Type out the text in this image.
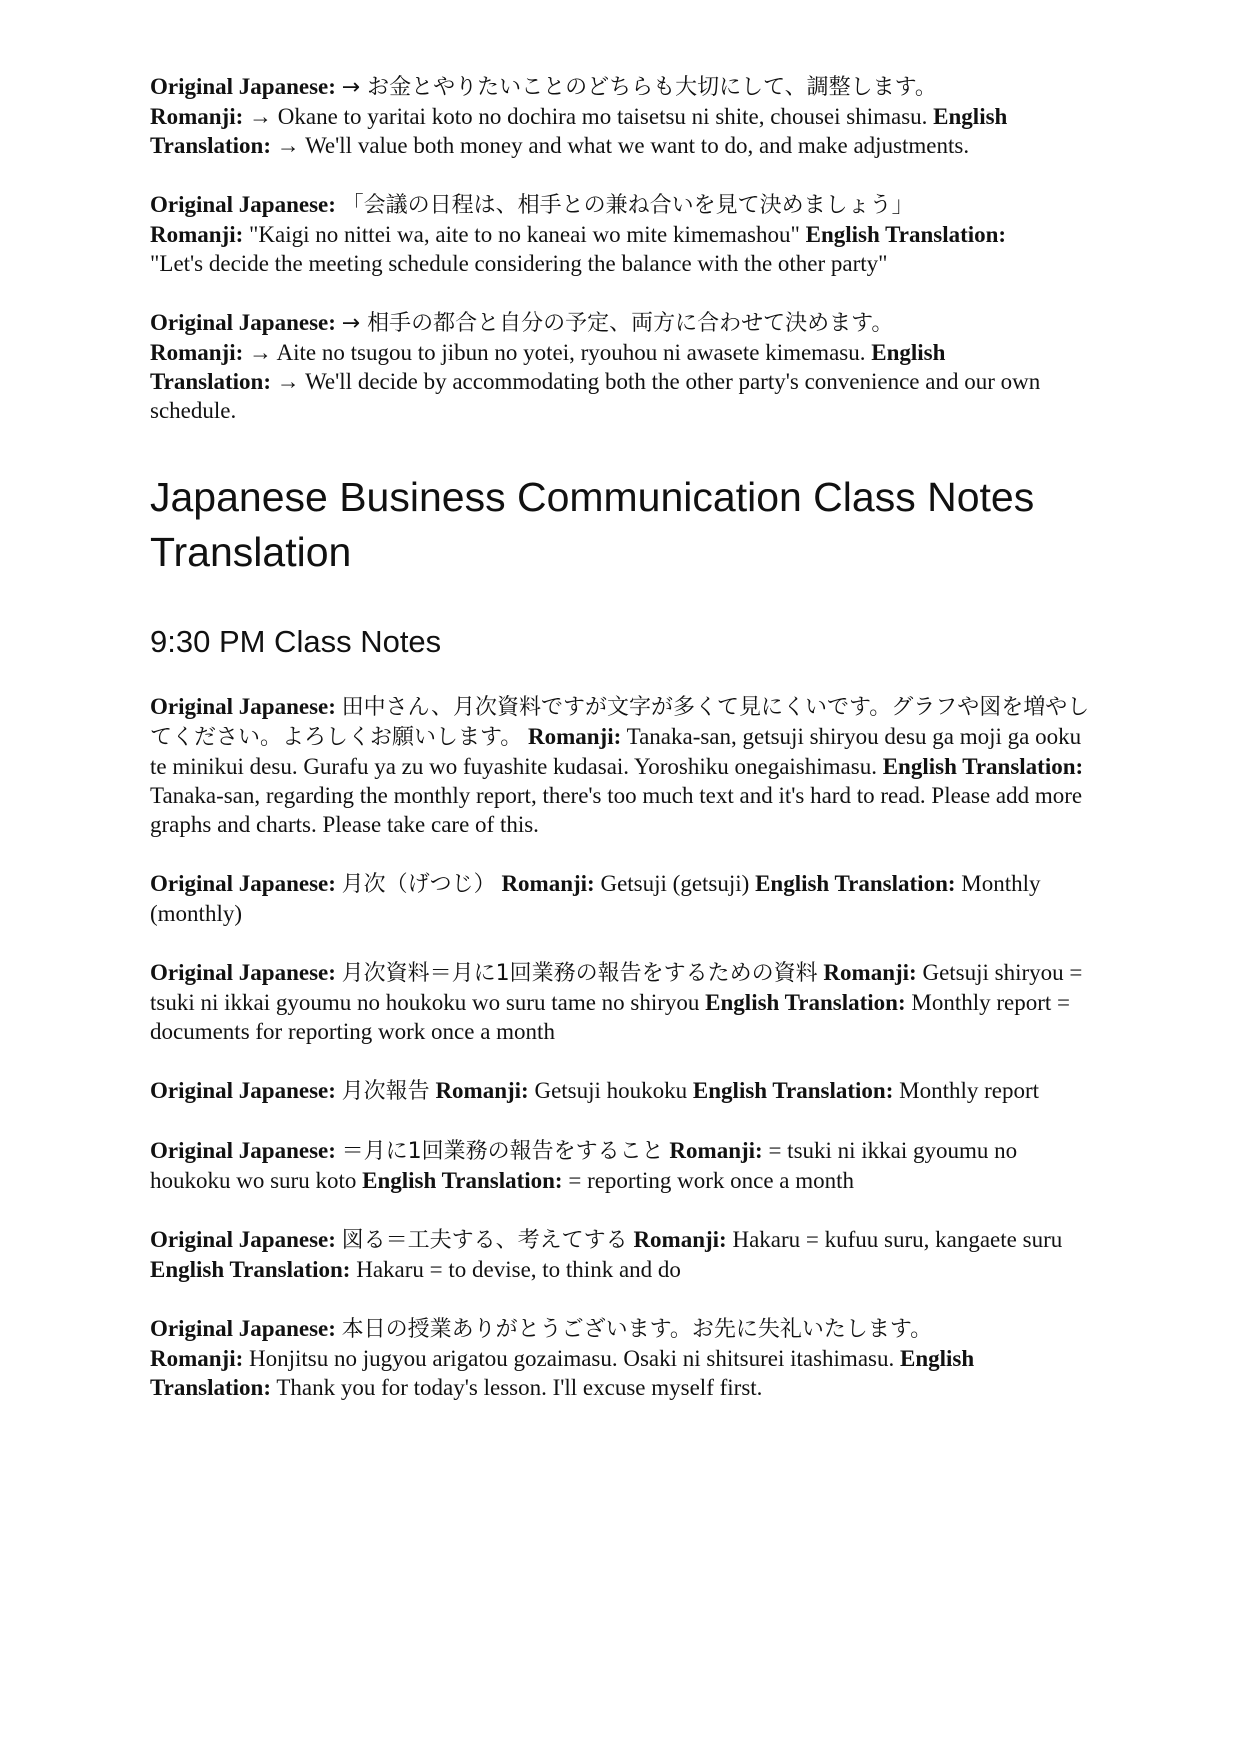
Original Japanese: → お金とやりたいことのどちらも大切にして、調整します。
Romanji: → Okane to yaritai koto no dochira mo taisetsu ni shite, chousei shimasu. English
Translation: → We'll value both money and what we want to do, and make adjustments.

Original Japanese: 「会議の日程は、相手との兼ね合いを見て決めましょう」
Romanji: "Kaigi no nittei wa, aite to no kaneai wo mite kimemashou" English Translation:
"Let's decide the meeting schedule considering the balance with the other party"

Original Japanese: → 相手の都合と自分の予定、両方に合わせて決めます。
Romanji: → Aite no tsugou to jibun no yotei, ryouhou ni awasete kimemasu. English
Translation: → We'll decide by accommodating both the other party's convenience and our own schedule.

Japanese Business Communication Class Notes Translation
9:30 PM Class Notes

Original Japanese: 田中さん、月次資料ですが文字が多くて見にくいです。グラフや図を増やしてください。よろしくお願いします。 Romanji: Tanaka-san, getsuji shiryou desu ga moji ga ooku te minikui desu. Gurafu ya zu wo fuyashite kudasai. Yoroshiku onegaishimasu. English Translation: Tanaka-san, regarding the monthly report, there's too much text and it's hard to read. Please add more graphs and charts. Please take care of this.

Original Japanese: 月次（げつじ） Romanji: Getsuji (getsuji) English Translation: Monthly (monthly)

Original Japanese: 月次資料＝月に1回業務の報告をするための資料 Romanji: Getsuji shiryou = tsuki ni ikkai gyoumu no houkoku wo suru tame no shiryou English Translation: Monthly report = documents for reporting work once a month

Original Japanese: 月次報告 Romanji: Getsuji houkoku English Translation: Monthly report

Original Japanese: ＝月に1回業務の報告をすること Romanji: = tsuki ni ikkai gyoumu no houkoku wo suru koto English Translation: = reporting work once a month

Original Japanese: 図る＝工夫する、考えてする Romanji: Hakaru = kufuu suru, kangaete suru English Translation: Hakaru = to devise, to think and do

Original Japanese: 本日の授業ありがとうございます。お先に失礼いたします。
Romanji: Honjitsu no jugyou arigatou gozaimasu. Osaki ni shitsurei itashimasu. English
Translation: Thank you for today's lesson. I'll excuse myself first.
